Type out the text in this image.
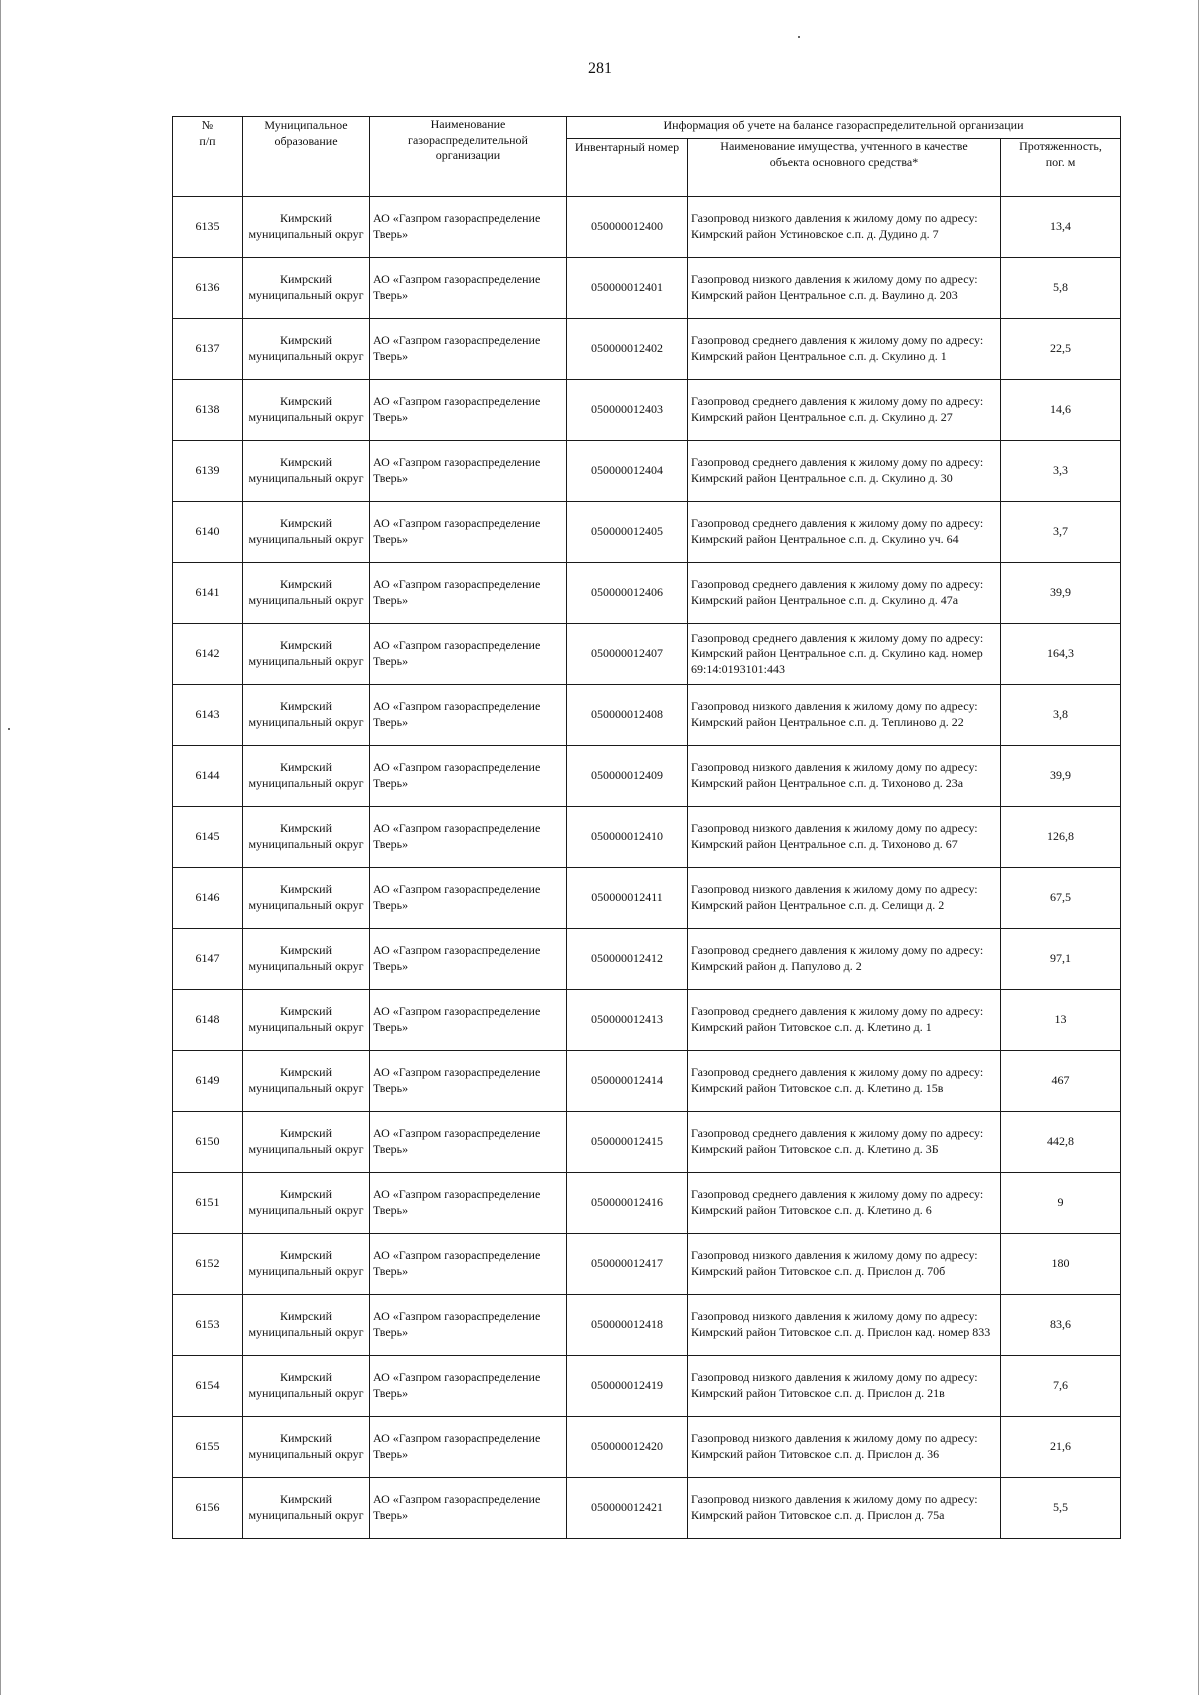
281
№
п/п	Муниципальное образование	Наименование газораспределительной организации	Информация об учете на балансе газораспределительной организации		
			Инвентарный номер	Наименование имущества, учтенного в качестве объекта основного средства*	Протяженность, пог. м
6135	Кимрский муниципальный округ	АО «Газпром газораспределение Тверь»	050000012400	Газопровод низкого давления к жилому дому по адресу: Кимрский район Устиновское с.п. д. Дудино д. 7	13,4
6136	Кимрский муниципальный округ	АО «Газпром газораспределение Тверь»	050000012401	Газопровод низкого давления к жилому дому по адресу: Кимрский район Центральное с.п. д. Ваулино д. 203	5,8
6137	Кимрский муниципальный округ	АО «Газпром газораспределение Тверь»	050000012402	Газопровод среднего давления к жилому дому по адресу: Кимрский район Центральное с.п. д. Скулино д. 1	22,5
6138	Кимрский муниципальный округ	АО «Газпром газораспределение Тверь»	050000012403	Газопровод среднего давления к жилому дому по адресу: Кимрский район Центральное с.п. д. Скулино д. 27	14,6
6139	Кимрский муниципальный округ	АО «Газпром газораспределение Тверь»	050000012404	Газопровод среднего давления к жилому дому по адресу: Кимрский район Центральное с.п. д. Скулино д. 30	3,3
6140	Кимрский муниципальный округ	АО «Газпром газораспределение Тверь»	050000012405	Газопровод среднего давления к жилому дому по адресу: Кимрский район Центральное с.п. д. Скулино уч. 64	3,7
6141	Кимрский муниципальный округ	АО «Газпром газораспределение Тверь»	050000012406	Газопровод среднего давления к жилому дому по адресу: Кимрский район Центральное с.п. д. Скулино д. 47а	39,9
6142	Кимрский муниципальный округ	АО «Газпром газораспределение Тверь»	050000012407	Газопровод среднего давления к жилому дому по адресу: Кимрский район Центральное с.п. д. Скулино кад. номер 69:14:0193101:443	164,3
6143	Кимрский муниципальный округ	АО «Газпром газораспределение Тверь»	050000012408	Газопровод низкого давления к жилому дому по адресу: Кимрский район Центральное с.п. д. Теплиново д. 22	3,8
6144	Кимрский муниципальный округ	АО «Газпром газораспределение Тверь»	050000012409	Газопровод низкого давления к жилому дому по адресу: Кимрский район Центральное с.п. д. Тихоново д. 23а	39,9
6145	Кимрский муниципальный округ	АО «Газпром газораспределение Тверь»	050000012410	Газопровод низкого давления к жилому дому по адресу: Кимрский район Центральное с.п. д. Тихоново д. 67	126,8
6146	Кимрский муниципальный округ	АО «Газпром газораспределение Тверь»	050000012411	Газопровод низкого давления к жилому дому по адресу: Кимрский район Центральное с.п. д. Селищи д. 2	67,5
6147	Кимрский муниципальный округ	АО «Газпром газораспределение Тверь»	050000012412	Газопровод среднего давления к жилому дому по адресу: Кимрский район д. Папулово д. 2	97,1
6148	Кимрский муниципальный округ	АО «Газпром газораспределение Тверь»	050000012413	Газопровод среднего давления к жилому дому по адресу: Кимрский район Титовское с.п. д. Клетино д. 1	13
6149	Кимрский муниципальный округ	АО «Газпром газораспределение Тверь»	050000012414	Газопровод среднего давления к жилому дому по адресу: Кимрский район Титовское с.п. д. Клетино д. 15в	467
6150	Кимрский муниципальный округ	АО «Газпром газораспределение Тверь»	050000012415	Газопровод среднего давления к жилому дому по адресу: Кимрский район Титовское с.п. д. Клетино д. 3Б	442,8
6151	Кимрский муниципальный округ	АО «Газпром газораспределение Тверь»	050000012416	Газопровод среднего давления к жилому дому по адресу: Кимрский район Титовское с.п. д. Клетино д. 6	9
6152	Кимрский муниципальный округ	АО «Газпром газораспределение Тверь»	050000012417	Газопровод низкого давления к жилому дому по адресу: Кимрский район Титовское с.п. д. Прислон д. 70б	180
6153	Кимрский муниципальный округ	АО «Газпром газораспределение Тверь»	050000012418	Газопровод низкого давления к жилому дому по адресу: Кимрский район Титовское с.п. д. Прислон кад. номер 833	83,6
6154	Кимрский муниципальный округ	АО «Газпром газораспределение Тверь»	050000012419	Газопровод низкого давления к жилому дому по адресу: Кимрский район Титовское с.п. д. Прислон д. 21в	7,6
6155	Кимрский муниципальный округ	АО «Газпром газораспределение Тверь»	050000012420	Газопровод низкого давления к жилому дому по адресу: Кимрский район Титовское с.п. д. Прислон д. 36	21,6
6156	Кимрский муниципальный округ	АО «Газпром газораспределение Тверь»	050000012421	Газопровод низкого давления к жилому дому по адресу: Кимрский район Титовское с.п. д. Прислон д. 75а	5,5
